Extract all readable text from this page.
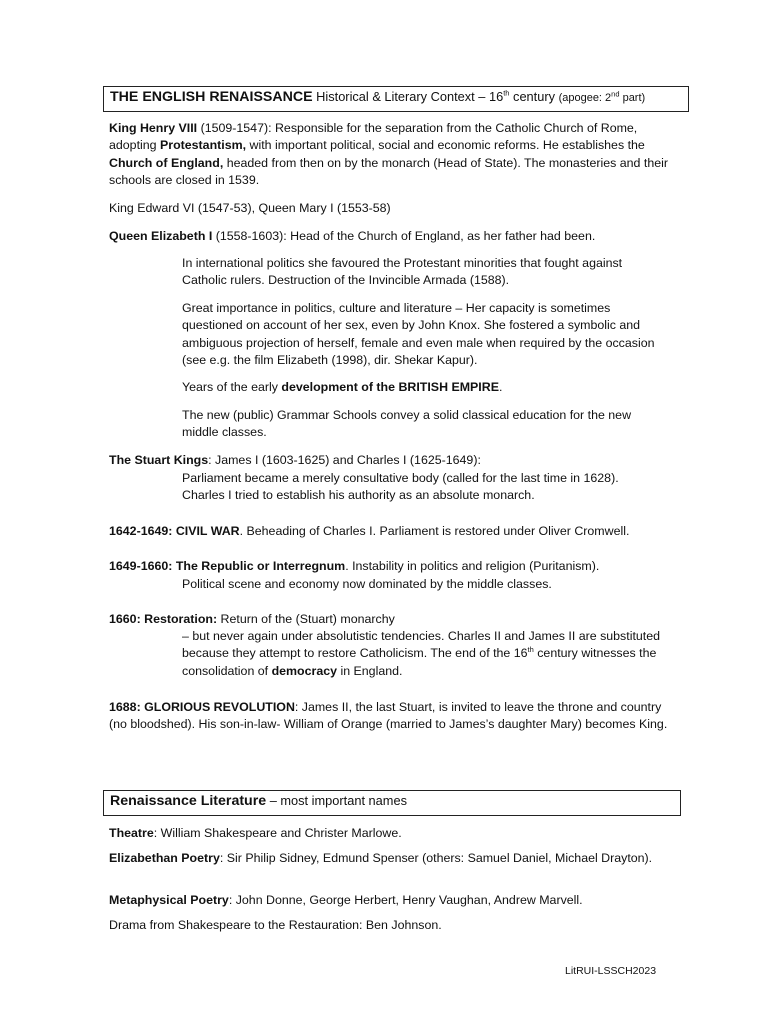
THE ENGLISH RENAISSANCE Historical & Literary Context – 16th century (apogee: 2nd part)

King Henry VIII (1509-1547): Responsible for the separation from the Catholic Church of Rome, adopting Protestantism, with important political, social and economic reforms. He establishes the Church of England, headed from then on by the monarch (Head of State). The monasteries and their schools are closed in 1539.

King Edward VI (1547-53), Queen Mary I (1553-58)

Queen Elizabeth I (1558-1603): Head of the Church of England, as her father had been.

In international politics she favoured the Protestant minorities that fought against Catholic rulers. Destruction of the Invincible Armada (1588).

Great importance in politics, culture and literature – Her capacity is sometimes questioned on account of her sex, even by John Knox. She fostered a symbolic and ambiguous projection of herself, female and even male when required by the occasion (see e.g. the film Elizabeth (1998), dir. Shekar Kapur).

Years of the early development of the BRITISH EMPIRE.

The new (public) Grammar Schools convey a solid classical education for the new middle classes.

The Stuart Kings: James I (1603-1625) and Charles I (1625-1649):

Parliament became a merely consultative body (called for the last time in 1628).

Charles I tried to establish his authority as an absolute monarch.

1642-1649: CIVIL WAR. Beheading of Charles I. Parliament is restored under Oliver Cromwell.

1649-1660: The Republic or Interregnum. Instability in politics and religion (Puritanism).

Political scene and economy now dominated by the middle classes.

1660: Restoration: Return of the (Stuart) monarchy

– but never again under absolutistic tendencies. Charles II and James II are substituted because they attempt to restore Catholicism. The end of the 16th century witnesses the consolidation of democracy in England.

1688: GLORIOUS REVOLUTION: James II, the last Stuart, is invited to leave the throne and country (no bloodshed). His son-in-law- William of Orange (married to James’s daughter Mary) becomes King.

Renaissance Literature – most important names

Theatre: William Shakespeare and Christer Marlowe.

Elizabethan Poetry: Sir Philip Sidney, Edmund Spenser (others: Samuel Daniel, Michael Drayton).

Metaphysical Poetry: John Donne, George Herbert, Henry Vaughan, Andrew Marvell.

Drama from Shakespeare to the Restauration: Ben Johnson.

LitRUI-LSSCH2023
